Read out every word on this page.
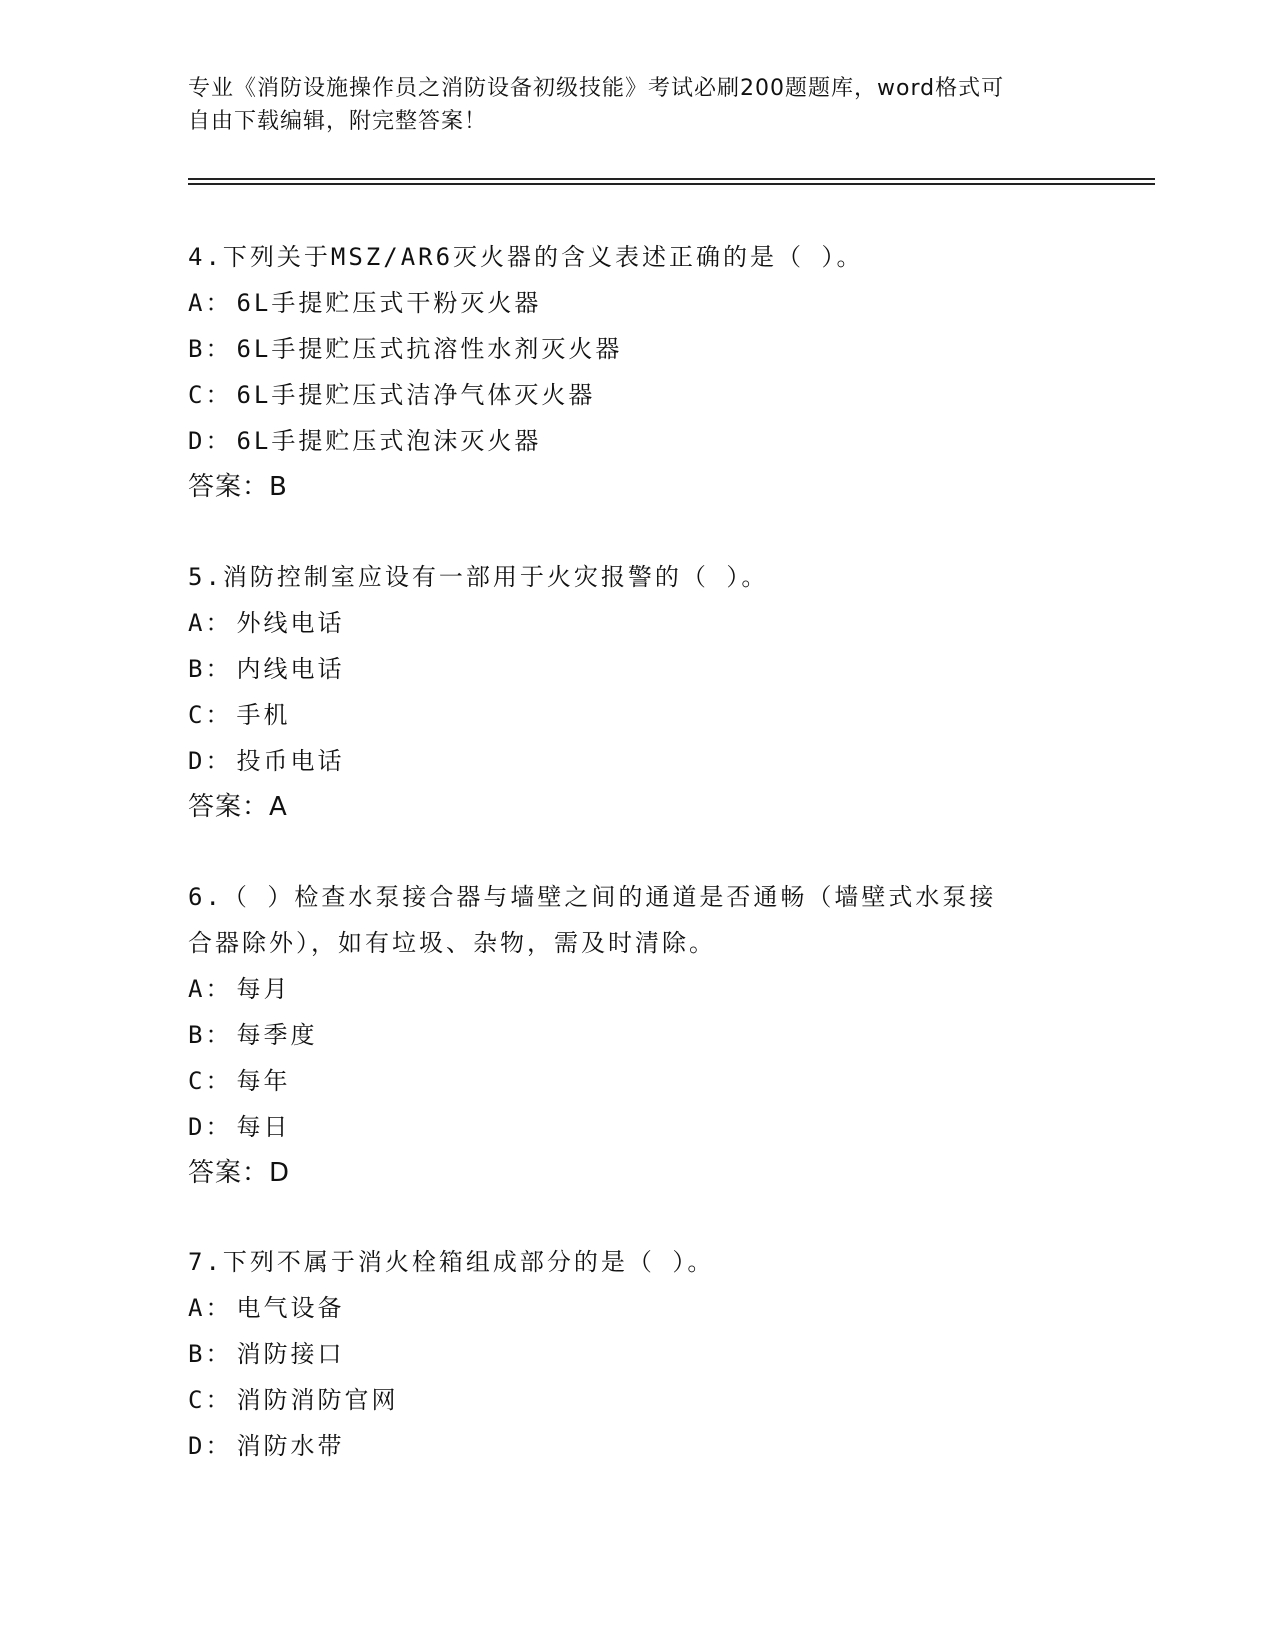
专业《消防设施操作员之消防设备初级技能》考试必刷200题题库，word格式可
自由下载编辑，附完整答案！
4.下列关于MSZ/AR6灭火器的含义表述正确的是（ ）。
A： 6L手提贮压式干粉灭火器
B： 6L手提贮压式抗溶性水剂灭火器
C： 6L手提贮压式洁净气体灭火器
D： 6L手提贮压式泡沫灭火器
答案：B
5.消防控制室应设有一部用于火灾报警的（ ）。
A： 外线电话
B： 内线电话
C： 手机
D： 投币电话
答案：A
6.（ ）检查水泵接合器与墙壁之间的通道是否通畅（墙壁式水泵接
合器除外），如有垃圾、杂物，需及时清除。
A： 每月
B： 每季度
C： 每年
D： 每日
答案：D
7.下列不属于消火栓箱组成部分的是（ ）。
A： 电气设备
B： 消防接口
C： 消防消防官网
D： 消防水带
